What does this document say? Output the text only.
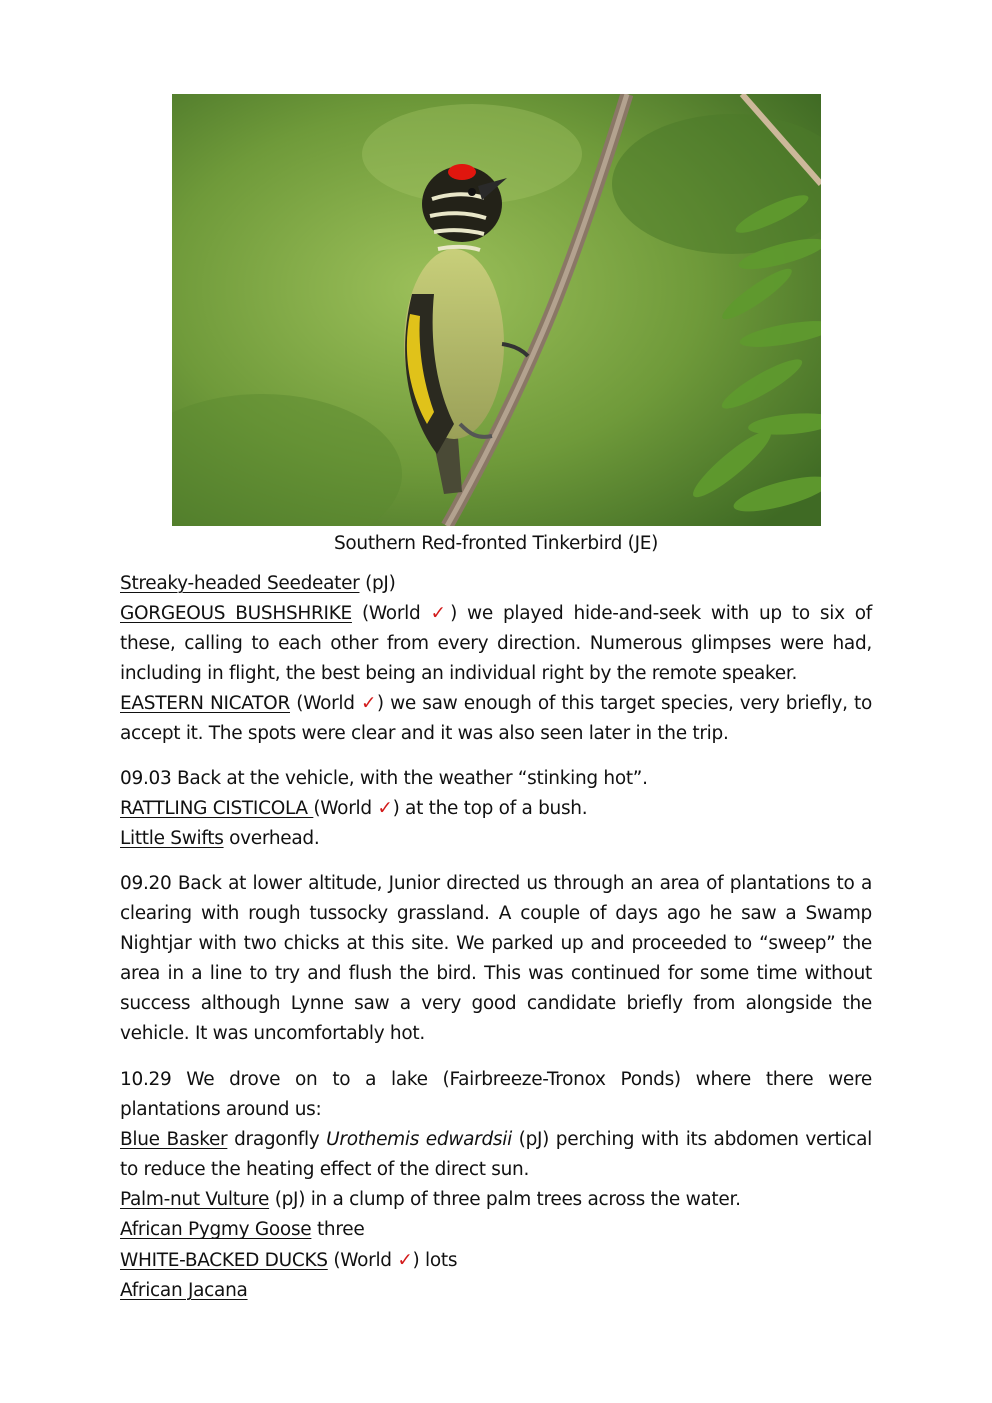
Southern Red-fronted Tinkerbird (JE)

Streaky-headed Seedeater (pJ)

GORGEOUS BUSHSHRIKE (World ✓) we played hide-and-seek with up to six of these, calling to each other from every direction. Numerous glimpses were had, including in flight, the best being an individual right by the remote speaker.

EASTERN NICATOR (World ✓) we saw enough of this target species, very briefly, to accept it. The spots were clear and it was also seen later in the trip.

09.03 Back at the vehicle, with the weather “stinking hot”.

RATTLING CISTICOLA (World ✓) at the top of a bush.

Little Swifts overhead.

09.20 Back at lower altitude, Junior directed us through an area of plantations to a clearing with rough tussocky grassland. A couple of days ago he saw a Swamp Nightjar with two chicks at this site. We parked up and proceeded to “sweep” the area in a line to try and flush the bird. This was continued for some time without success although Lynne saw a very good candidate briefly from alongside the vehicle. It was uncomfortably hot.

10.29 We drove on to a lake (Fairbreeze-Tronox Ponds) where there were plantations around us:

Blue Basker dragonfly Urothemis edwardsii (pJ) perching with its abdomen vertical to reduce the heating effect of the direct sun.

Palm-nut Vulture (pJ) in a clump of three palm trees across the water.

African Pygmy Goose three

WHITE-BACKED DUCKS (World ✓) lots

African Jacana
